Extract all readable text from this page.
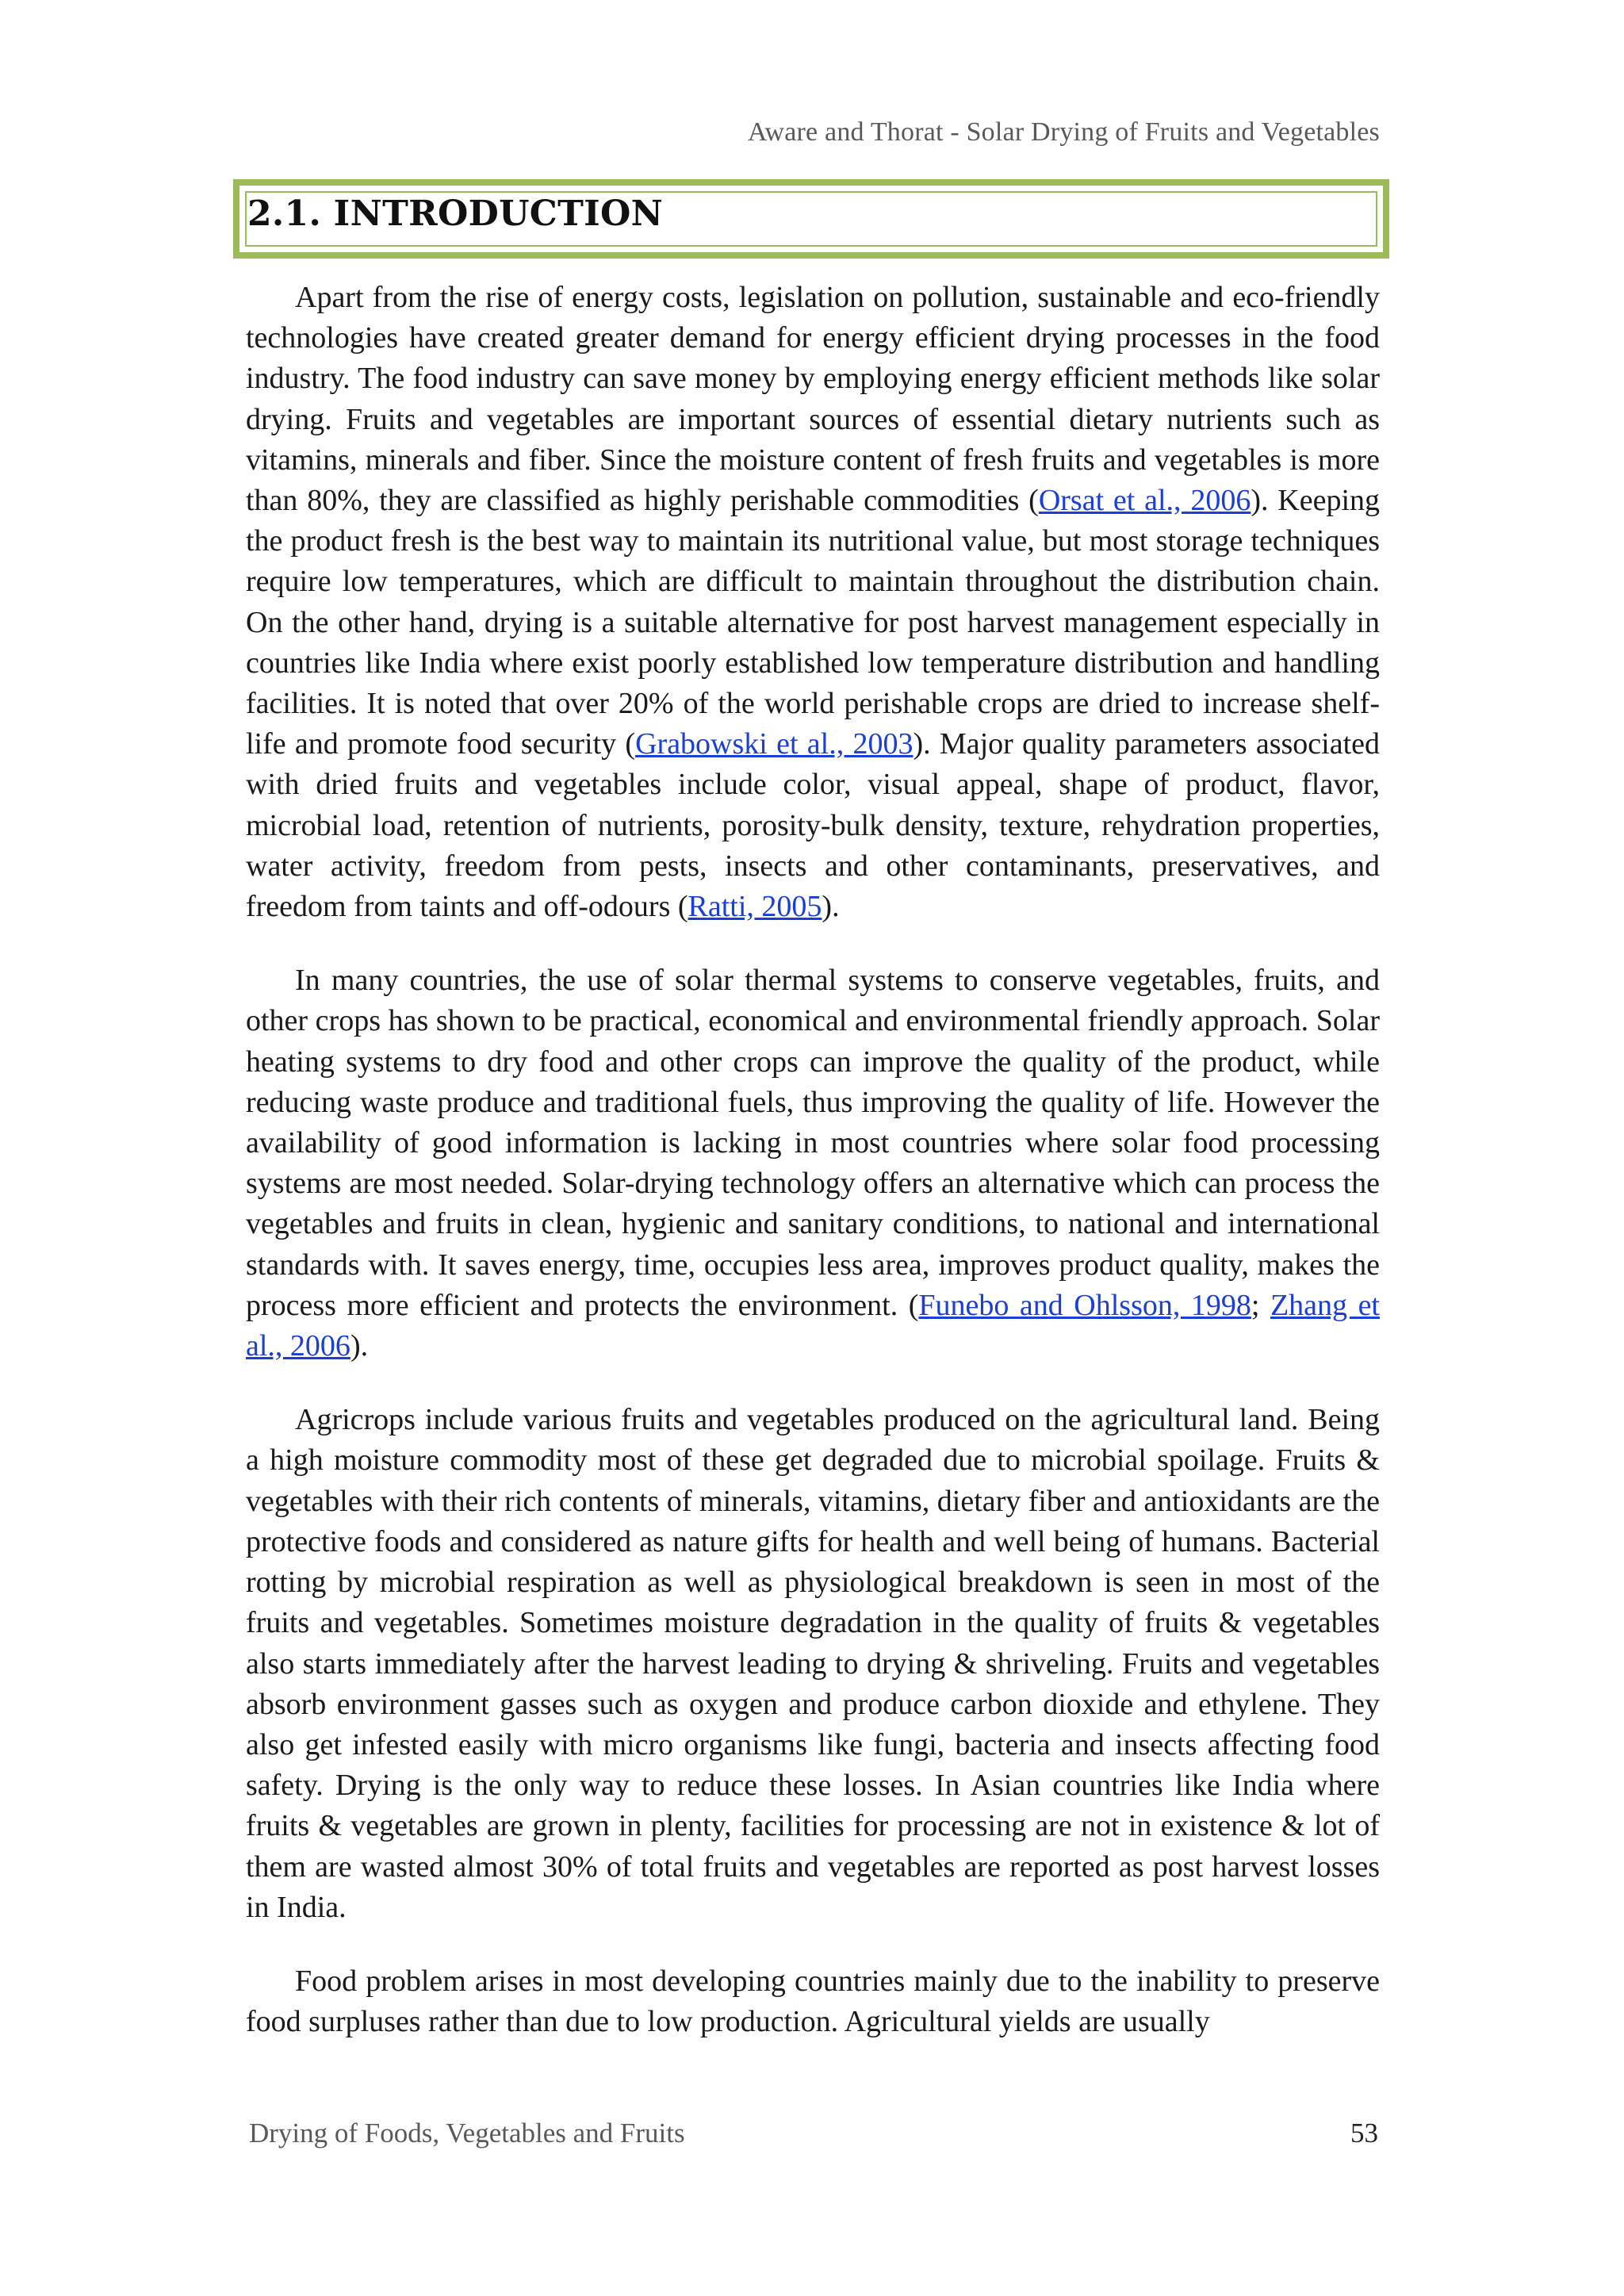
Aware and Thorat - Solar Drying of Fruits and Vegetables
2.1. INTRODUCTION

Apart from the rise of energy costs, legislation on pollution, sustainable and eco-friendly technologies have created greater demand for energy efficient drying processes in the food industry. The food industry can save money by employing energy efficient methods like solar drying. Fruits and vegetables are important sources of essential dietary nutrients such as vitamins, minerals and fiber. Since the moisture content of fresh fruits and vegetables is more than 80%, they are classified as highly perishable commodities (Orsat et al., 2006). Keeping the product fresh is the best way to maintain its nutritional value, but most storage techniques require low temperatures, which are difficult to maintain throughout the distribution chain. On the other hand, drying is a suitable alternative for post harvest management especially in countries like India where exist poorly established low temperature distribution and handling facilities. It is noted that over 20% of the world perishable crops are dried to increase shelf-life and promote food security (Grabowski et al., 2003). Major quality parameters associated with dried fruits and vegetables include color, visual appeal, shape of product, flavor, microbial load, retention of nutrients, porosity-bulk density, texture, rehydration properties, water activity, freedom from pests, insects and other contaminants, preservatives, and freedom from taints and off-odours (Ratti, 2005).

In many countries, the use of solar thermal systems to conserve vegetables, fruits, and other crops has shown to be practical, economical and environmental friendly approach. Solar heating systems to dry food and other crops can improve the quality of the product, while reducing waste produce and traditional fuels, thus improving the quality of life. However the availability of good information is lacking in most countries where solar food processing systems are most needed. Solar-drying technology offers an alternative which can process the vegetables and fruits in clean, hygienic and sanitary conditions, to national and international standards with. It saves energy, time, occupies less area, improves product quality, makes the process more efficient and protects the environment. (Funebo and Ohlsson, 1998; Zhang et al., 2006).

Agricrops include various fruits and vegetables produced on the agricultural land. Being a high moisture commodity most of these get degraded due to microbial spoilage. Fruits & vegetables with their rich contents of minerals, vitamins, dietary fiber and antioxidants are the protective foods and considered as nature gifts for health and well being of humans. Bacterial rotting by microbial respiration as well as physiological breakdown is seen in most of the fruits and vegetables. Sometimes moisture degradation in the quality of fruits & vegetables also starts immediately after the harvest leading to drying & shriveling. Fruits and vegetables absorb environment gasses such as oxygen and produce carbon dioxide and ethylene. They also get infested easily with micro organisms like fungi, bacteria and insects affecting food safety. Drying is the only way to reduce these losses. In Asian countries like India where fruits & vegetables are grown in plenty, facilities for processing are not in existence & lot of them are wasted almost 30% of total fruits and vegetables are reported as post harvest losses in India.

Food problem arises in most developing countries mainly due to the inability to preserve food surpluses rather than due to low production. Agricultural yields are usually

Drying of Foods, Vegetables and Fruits	53
